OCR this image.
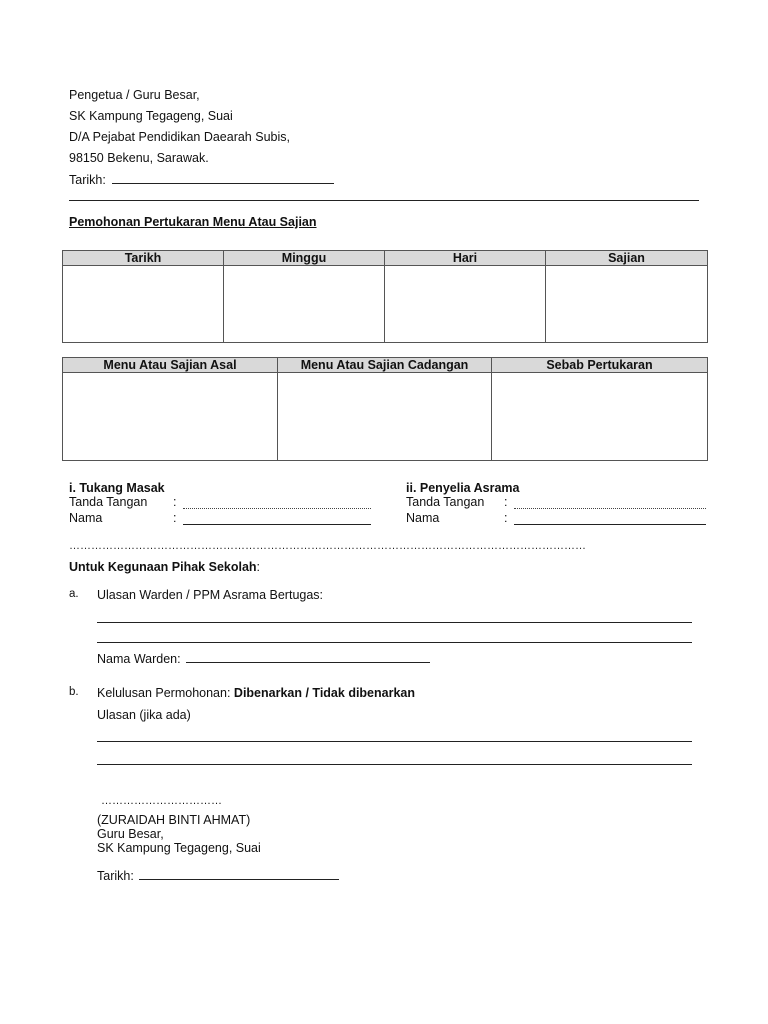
Pengetua / Guru Besar,
SK Kampung Tegageng, Suai
D/A Pejabat Pendidikan Daearah Subis,
98150 Bekenu, Sarawak.
Tarikh:
Pemohonan Pertukaran Menu Atau Sajian
Tarikh	Minggu	Hari	Sajian

Menu Atau Sajian Asal	Menu Atau Sajian Cadangan	Sebab Pertukaran

i. Tukang Masak
Tanda Tangan :
Nama	:
ii. Penyelia Asrama
Tanda Tangan :
Nama	:
……………………………………………………………………………………………………………………………
Untuk Kegunaan Pihak Sekolah:
a. Ulasan Warden / PPM Asrama Bertugas:
Nama Warden:
b. Kelulusan Permohonan: Dibenarkan / Tidak dibenarkan
Ulasan (jika ada)
……………………………
(ZURAIDAH BINTI AHMAT)
Guru Besar,
SK Kampung Tegageng, Suai
Tarikh:
